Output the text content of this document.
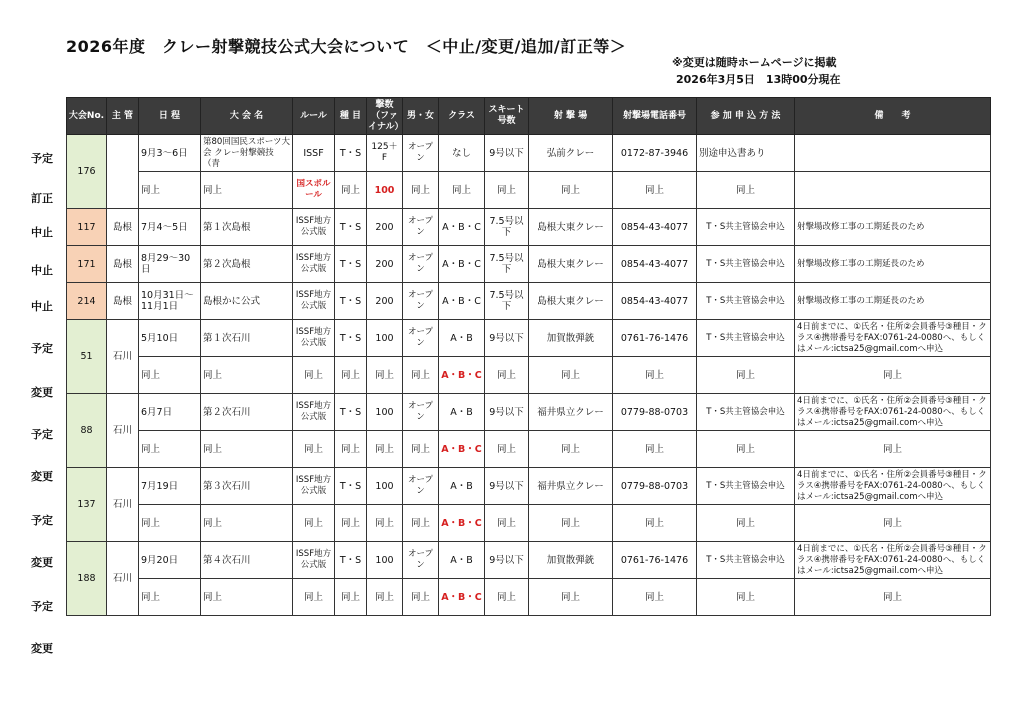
2026年度　クレー射撃競技公式大会について　＜中止/変更/追加/訂正等＞
※変更は随時ホームページに掲載
2026年3月5日　13時00分現在
予定
訂正
中止
中止
中止
予定
変更
予定
変更
予定
変更
予定
変更
大会No.	主 管	日 程	大 会 名	ルール	種 目	撃数（ファイナル）	男・女	クラス	スキート号数	射 撃 場	射撃場電話番号	参 加 申 込 方 法	備　　考
176		9月3～6日	第80回国民スポーツ大会 クレー射撃競技（青	ISSF	T・S	125＋F	オープン	なし	9号以下	弘前クレー	0172-87-3946	別途申込書あり	
		同上	同上	国スポルール	同上	100	同上	同上	同上	同上	同上	同上	
117	島根	7月4～5日	第１次島根	ISSF地方公式版	T・S	200	オープン	A・B・C	7.5号以下	島根大東クレー	0854-43-4077	T・S共主管協会申込	射撃場改修工事の工期延長のため
171	島根	8月29～30日	第２次島根	ISSF地方公式版	T・S	200	オープン	A・B・C	7.5号以下	島根大東クレー	0854-43-4077	T・S共主管協会申込	射撃場改修工事の工期延長のため
214	島根	10月31日～11月1日	島根かに公式	ISSF地方公式版	T・S	200	オープン	A・B・C	7.5号以下	島根大東クレー	0854-43-4077	T・S共主管協会申込	射撃場改修工事の工期延長のため
51	石川	5月10日	第１次石川	ISSF地方公式版	T・S	100	オープン	A・B	9号以下	加賀散弾銃	0761-76-1476	T・S共主管協会申込	4日前までに、①氏名・住所②会員番号③種目・クラス④携帯番号をFAX:0761-24-0080へ、もしくはメール:ictsa25@gmail.comへ申込
		同上	同上	同上	同上	同上	同上	A・B・C	同上	同上	同上	同上	同上
88	石川	6月7日	第２次石川	ISSF地方公式版	T・S	100	オープン	A・B	9号以下	福井県立クレー	0779-88-0703	T・S共主管協会申込	4日前までに、①氏名・住所②会員番号③種目・クラス④携帯番号をFAX:0761-24-0080へ、もしくはメール:ictsa25@gmail.comへ申込
		同上	同上	同上	同上	同上	同上	A・B・C	同上	同上	同上	同上	同上
137	石川	7月19日	第３次石川	ISSF地方公式版	T・S	100	オープン	A・B	9号以下	福井県立クレー	0779-88-0703	T・S共主管協会申込	4日前までに、①氏名・住所②会員番号③種目・クラス④携帯番号をFAX:0761-24-0080へ、もしくはメール:ictsa25@gmail.comへ申込
		同上	同上	同上	同上	同上	同上	A・B・C	同上	同上	同上	同上	同上
188	石川	9月20日	第４次石川	ISSF地方公式版	T・S	100	オープン	A・B	9号以下	加賀散弾銃	0761-76-1476	T・S共主管協会申込	4日前までに、①氏名・住所②会員番号③種目・クラス④携帯番号をFAX:0761-24-0080へ、もしくはメール:ictsa25@gmail.comへ申込
		同上	同上	同上	同上	同上	同上	A・B・C	同上	同上	同上	同上	同上
